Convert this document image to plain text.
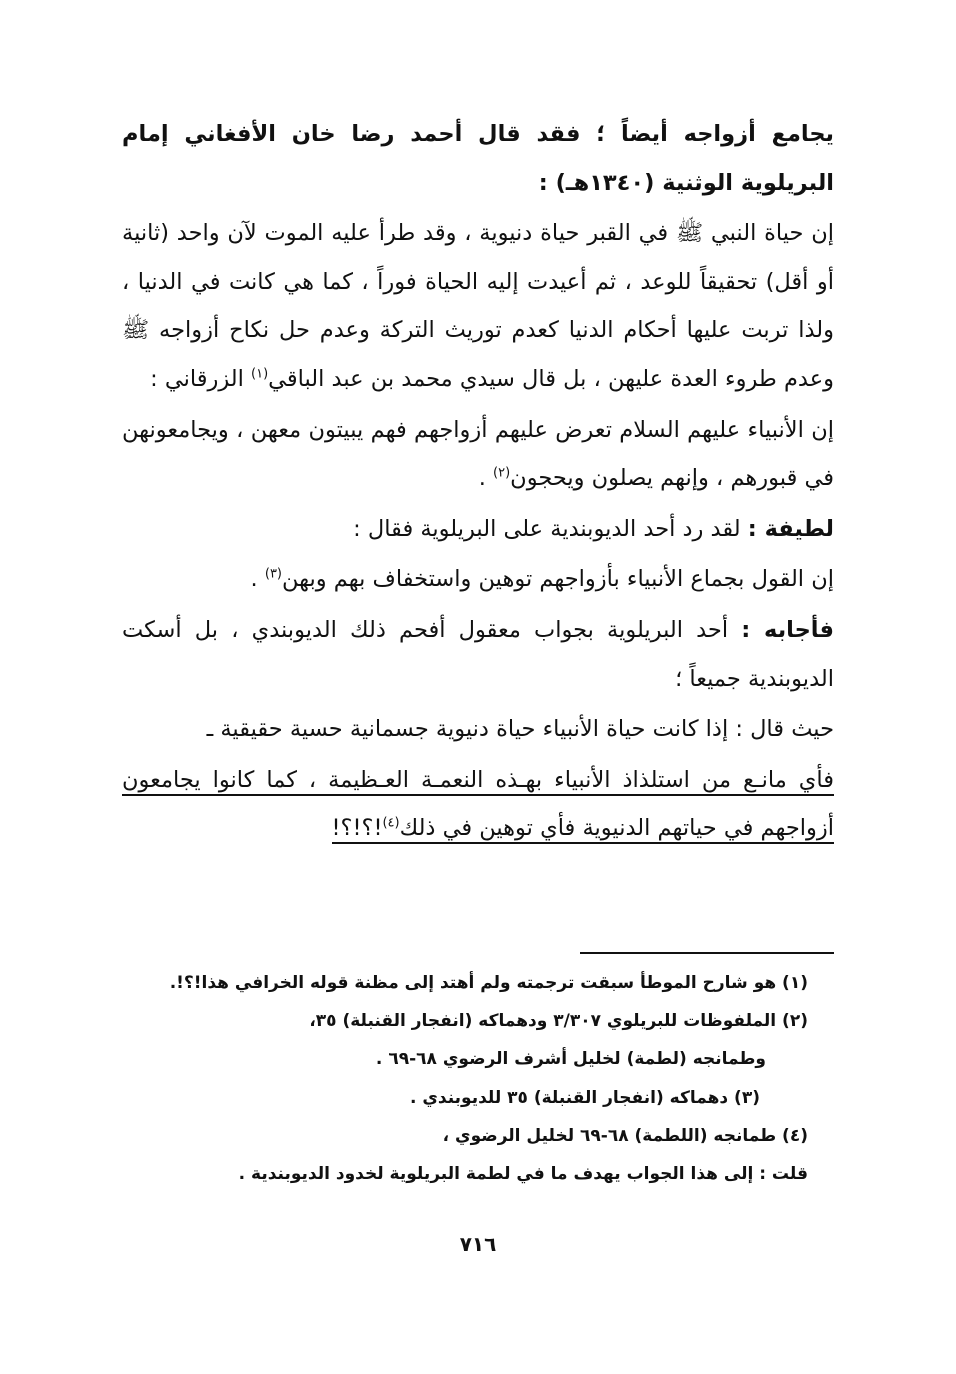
يجامع أزواجه أيضاً ؛ فقد قال أحمد رضا خان الأفغاني إمام البريلوية الوثنية (١٣٤٠هـ) :

إن حياة النبي ﷺ في القبر حياة دنيوية ، وقد طرأ عليه الموت لآن واحد (ثانية أو أقل) تحقيقاً للوعد ، ثم أعيدت إليه الحياة فوراً ، كما هي كانت في الدنيا ، ولذا تربت عليها أحكام الدنيا كعدم توريث التركة وعدم حل نكاح أزواجه ﷺ وعدم طروء العدة عليهن ، بل قال سيدي محمد بن عبد الباقي$^{(١)}$ الزرقاني :

إن الأنبياء عليهم السلام تعرض عليهم أزواجهم فهم يبيتون معهن ، ويجامعونهن في قبورهم ، وإنهم يصلون ويحجون$^{(٢)}$ .

لطيفة : لقد رد أحد الديوبندية على البريلوية فقال :

إن القول بجماع الأنبياء بأزواجهم توهين واستخفاف بهم وبهن$^{(٣)}$ .

فأجابه : أحد البريلوية بجواب معقول أفحم ذلك الديوبندي ، بل أسكت الديوبندية جميعاً ؛

حيث قال : إذا كانت حياة الأنبياء حياة دنيوية جسمانية حسية حقيقية ـ

فأي مانـع من استلذاذ الأنبياء بهـذه النعمـة العـظيمة ، كما كانوا يجامعون أزواجهم في حياتهم الدنيوية فأي توهين في ذلك$^{(٤)}$!؟!؟!

(١) هو شارح الموطأ سبقت ترجمته ولم أهتد إلى مظنة قوله الخرافي هذا!؟!.

(٢) الملفوظات للبريلوي ٣/٣٠٧ ودهماكه (انفجار القنبلة) ٣٥،

وطمانجه (لطمة) لخليل أشرف الرضوي ٦٨-٦٩ .

(٣) دهماكه (انفجار القنبلة) ٣٥ للديوبندي .

(٤) طمانجه (اللطمة) ٦٨-٦٩ لخليل الرضوي ،

قلت : إلى هذا الجواب يهدف ما في لطمة البريلوية لخدود الديوبندية .

٧١٦
